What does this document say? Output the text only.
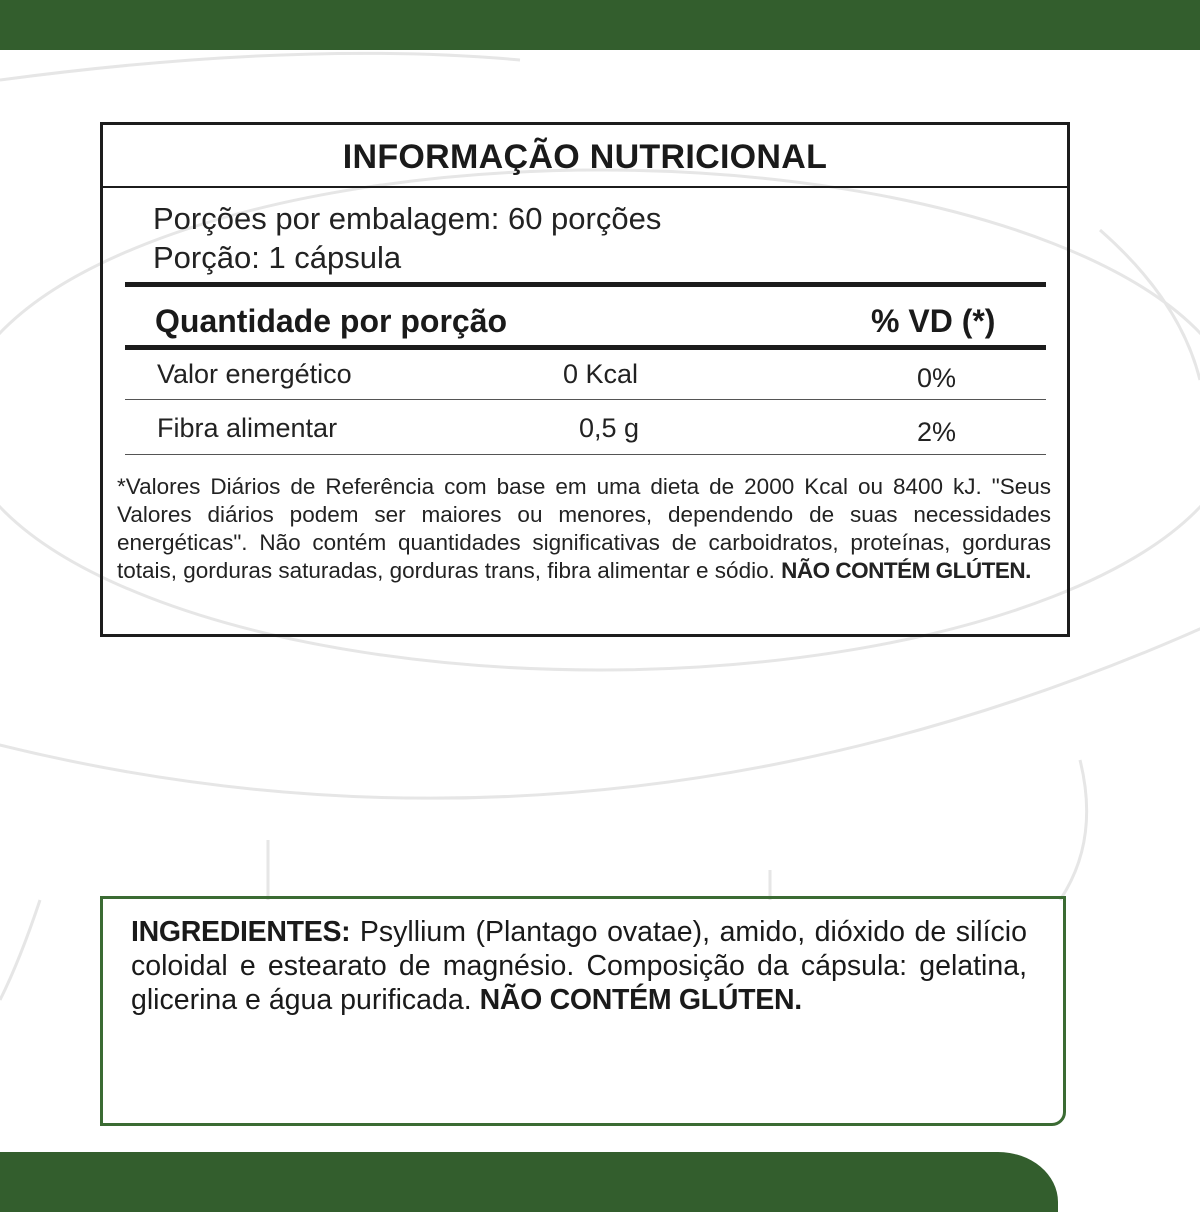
INFORMAÇÃO NUTRICIONAL
Porções por embalagem: 60 porções
Porção: 1 cápsula
Quantidade por porção	% VD (*)
Valor energético	0 Kcal	0%
Fibra alimentar	0,5 g	2%
*Valores Diários de Referência com base em uma dieta de 2000 Kcal ou 8400 kJ. "Seus Valores diários podem ser maiores ou menores, dependendo de suas necessidades energéticas". Não contém quantidades significativas de carboidratos, proteínas, gorduras totais, gorduras saturadas, gorduras trans, fibra alimentar e sódio. NÃO CONTÉM GLÚTEN.
INGREDIENTES: Psyllium (Plantago ovatae), amido, dióxido de silício coloidal e estearato de magnésio. Composição da cápsula: gelatina, glicerina e água purificada. NÃO CONTÉM GLÚTEN.
